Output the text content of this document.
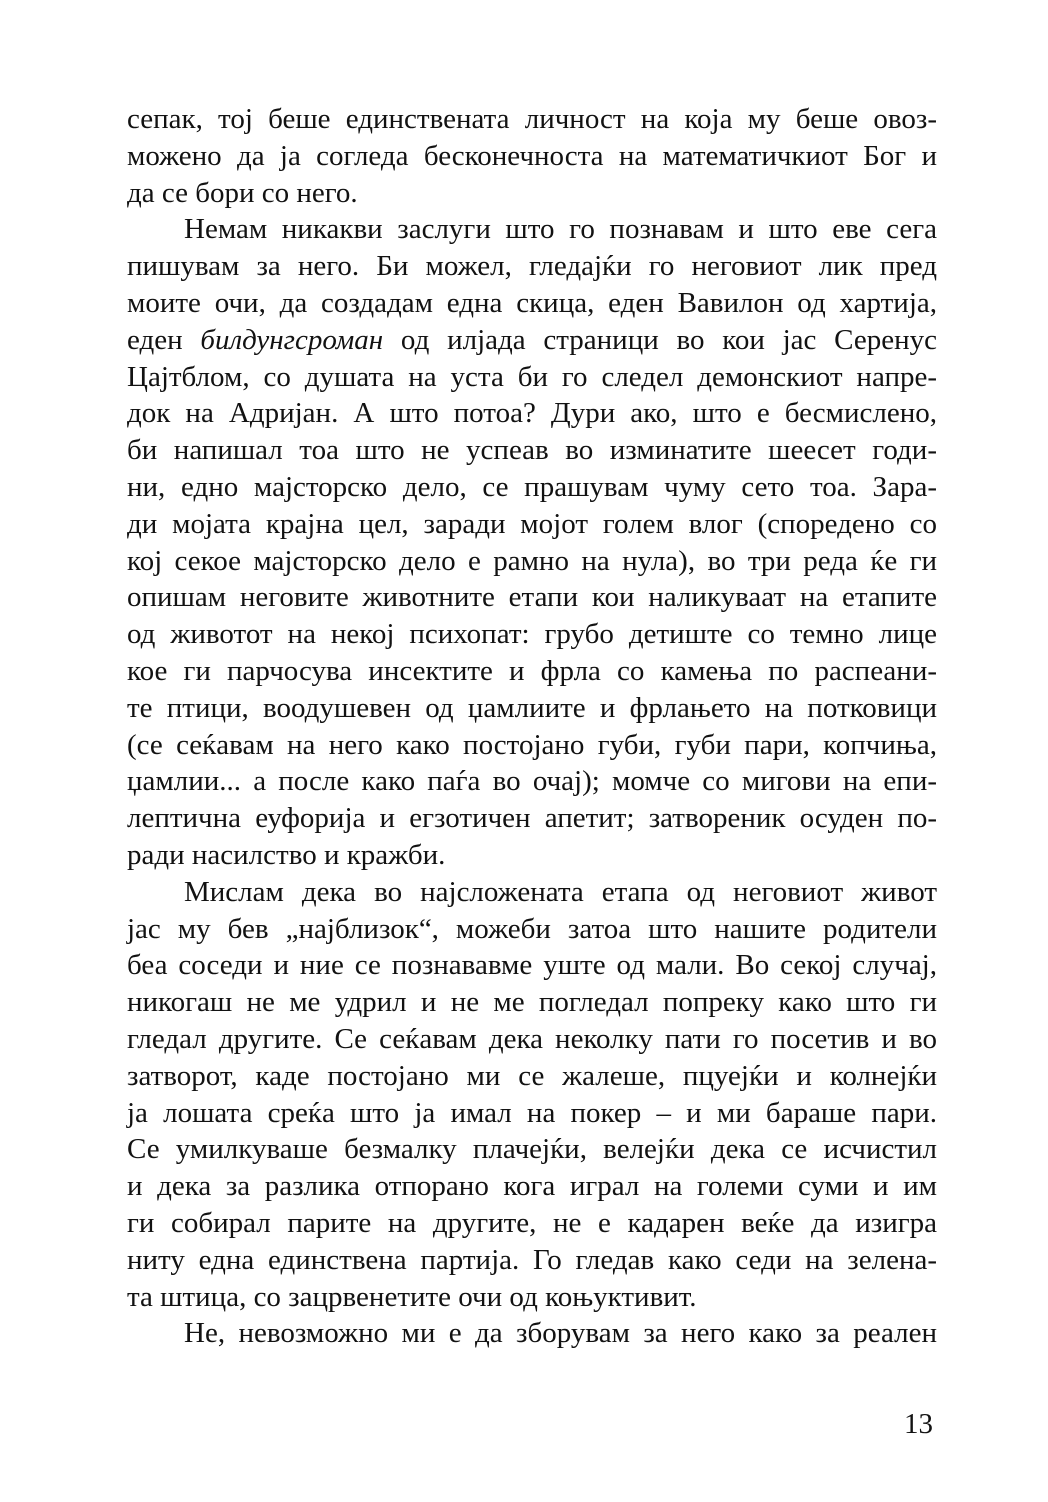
сепак, тој беше единствената личност на која му беше овоз-
можено да ја согледа бесконечноста на математичкиот Бог и
да се бори со него.
Немам никакви заслуги што го познавам и што еве сега
пишувам за него. Би можел, гледајќи го неговиот лик пред
моите очи, да создадам една скица, еден Вавилон од хартија,
еден билдунгсроман од илјада страници во кои јас Серенус
Цајтблом, со душата на уста би го следел демонскиот напре-
док на Адријан. А што потоа? Дури ако, што е бесмислено,
би напишал тоа што не успеав во изминатите шеесет годи-
ни, едно мајсторско дело, се прашувам чуму сето тоа. Зара-
ди мојата крајна цел, заради мојот голем влог (споредено со
кој секое мајсторско дело е рамно на нула), во три реда ќе ги
опишам неговите животните етапи кои наликуваат на етапите
од животот на некој психопат: грубо детиште со темно лице
кое ги парчосува инсектите и фрла со камења по распеани-
те птици, воодушевен од џамлиите и фрлањето на потковици
(се сеќавам на него како постојано губи, губи пари, копчиња,
џамлии... а после како паѓа во очај); момче со мигови на епи-
лептична еуфорија и егзотичен апетит; затвореник осуден по-
ради насилство и кражби.
Мислам дека во најсложената етапа од неговиот живот
јас му бев „најблизок“, можеби затоа што нашите родители
беа соседи и ние се познававме уште од мали. Во секој случај,
никогаш не ме удрил и не ме погледал попреку како што ги
гледал другите. Се сеќавам дека неколку пати го посетив и во
затворот, каде постојано ми се жалеше, пцуејќи и колнејќи
ја лошата среќа што ја имал на покер – и ми бараше пари.
Се умилкуваше безмалку плачејќи, велејќи дека се исчистил
и дека за разлика отпорано кога играл на големи суми и им
ги собирал парите на другите, не е кадарен веќе да изигра
ниту една единствена партија. Го гледав како седи на зелена-
та штица, со зацрвенетите очи од коњуктивит.
Не, невозможно ми е да зборувам за него како за реален
13
